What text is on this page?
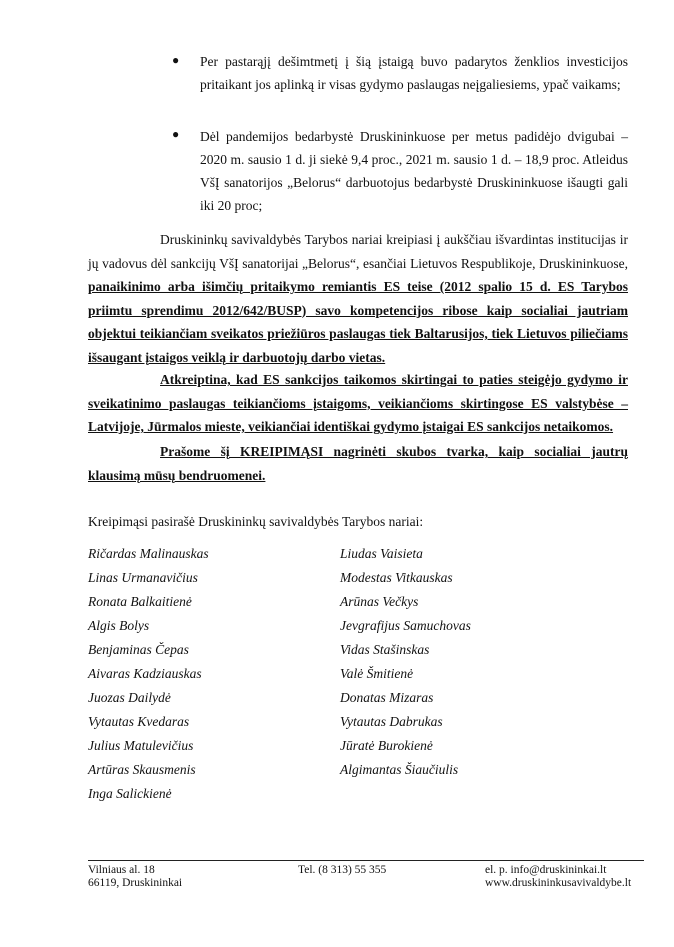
● Per pastarąjį dešimtmetį į šią įstaigą buvo padarytos ženklios investicijos pritaikant jos aplinką ir visas gydymo paslaugas neįgaliesiems, ypač vaikams;
● Dėl pandemijos bedarbystė Druskininkuose per metus padidėjo dvigubai – 2020 m. sausio 1 d. ji siekė 9,4 proc., 2021 m. sausio 1 d. – 18,9 proc. Atleidus VšĮ sanatorijos „Belorus“ darbuotojus bedarbystė Druskininkuose išaugti gali iki 20 proc;
Druskininkų savivaldybės Tarybos nariai kreipiasi į aukščiau išvardintas institucijas ir jų vadovus dėl sankcijų VšĮ sanatorijai „Belorus“, esančiai Lietuvos Respublikoje, Druskininkuose, panaikinimo arba išimčių pritaikymo remiantis ES teise (2012 spalio 15 d. ES Tarybos priimtu sprendimu 2012/642/BUSP) savo kompetencijos ribose kaip socialiai jautriam objektui teikiančiam sveikatos priežiūros paslaugas tiek Baltarusijos, tiek Lietuvos piliečiams išsaugant įstaigos veiklą ir darbuotojų darbo vietas.
Atkreiptina, kad ES sankcijos taikomos skirtingai to paties steigėjo gydymo ir sveikatinimo paslaugas teikiančioms įstaigoms, veikiančioms skirtingose ES valstybėse – Latvijoje, Jūrmalos mieste, veikiančiai identiškai gydymo įstaigai ES sankcijos netaikomos.
Prašome šį KREIPIMĄSI nagrinėti skubos tvarka, kaip socialiai jautrų klausimą mūsų bendruomenei.
Kreipimąsi pasirašė Druskininkų savivaldybės Tarybos nariai:
Ričardas Malinauskas
Linas Urmanavičius
Ronata Balkaitienė
Algis Bolys
Benjaminas Čepas
Aivaras Kadziauskas
Juozas Dailydė
Vytautas Kvedaras
Julius Matulevičius
Artūras Skausmenis
Inga Salickienė
Liudas Vaisieta
Modestas Vitkauskas
Arūnas Večkys
Jevgrafijus Samuchovas
Vidas Stašinskas
Valė Šmitienė
Donatas Mizaras
Vytautas Dabrukas
Jūratė Burokienė
Algimantas Šiaučiulis
Vilniaus al. 18
66119, Druskininkai
Tel. (8 313) 55 355	el. p. info@druskininkai.lt
www.druskininkusavivaldybe.lt
